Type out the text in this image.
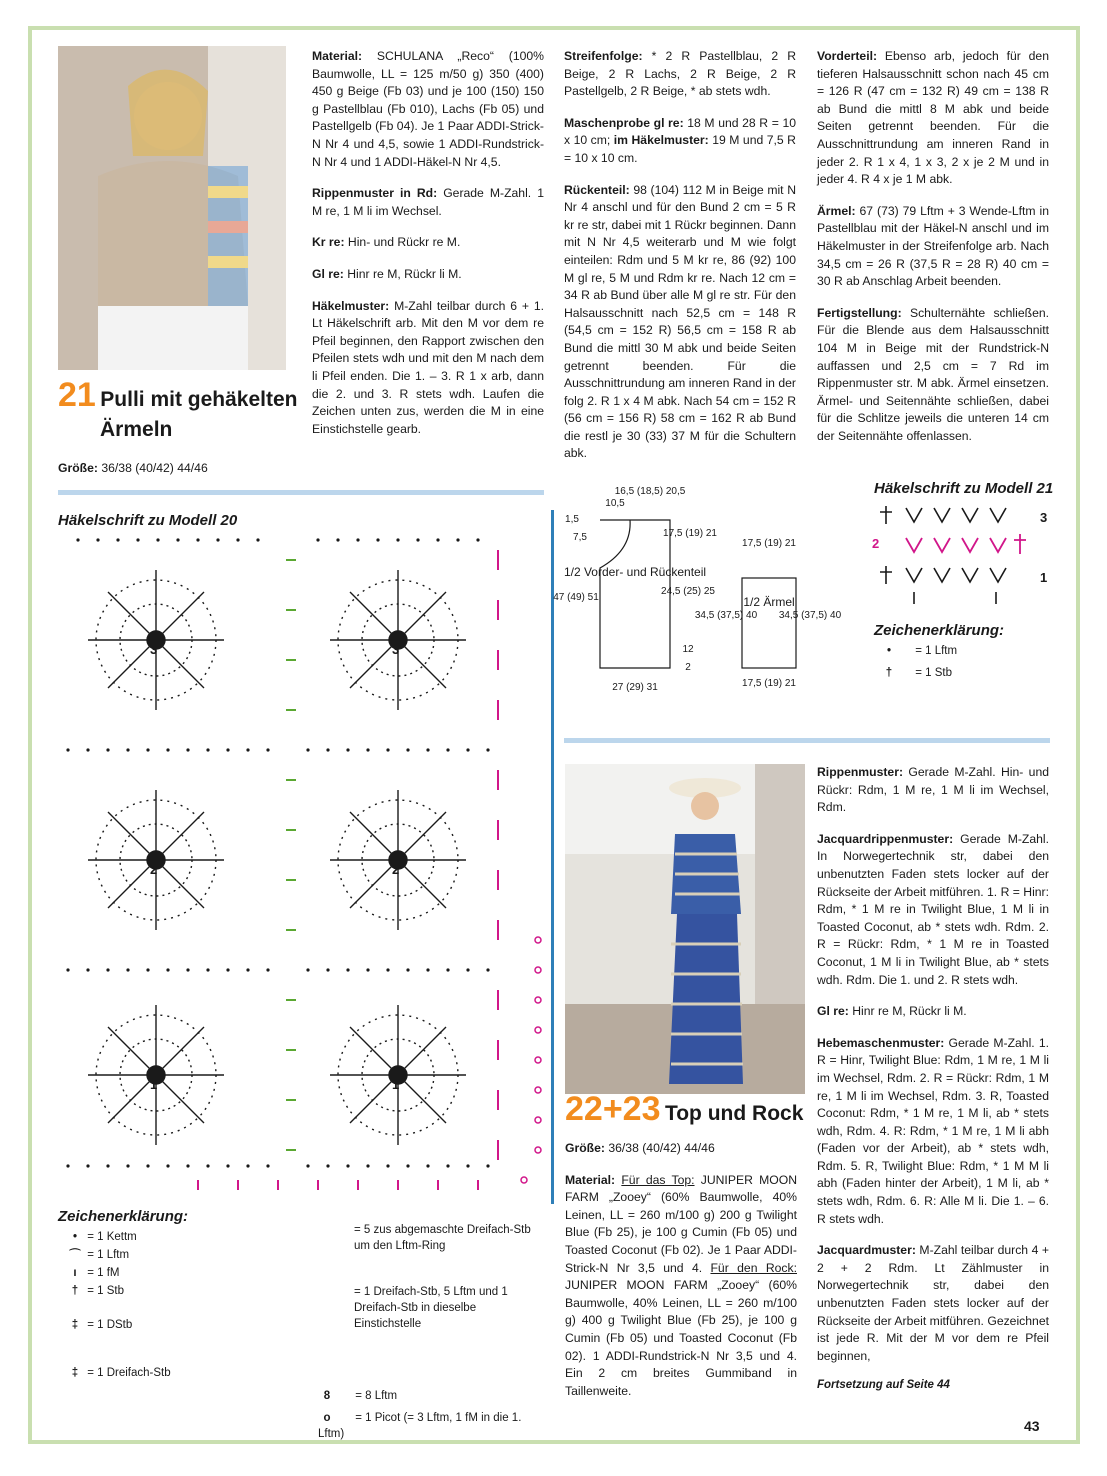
21 Pulli mit gehäkelten
Ärmeln
Größe: 36/38 (40/42) 44/46

Material: SCHULANA „Reco“ (100% Baumwolle, LL = 125 m/50 g) 350 (400) 450 g Beige (Fb 03) und je 100 (150) 150 g Pastellblau (Fb 010), Lachs (Fb 05) und Pastellgelb (Fb 04). Je 1 Paar ADDI-Strick-N Nr 4 und 4,5, sowie 1 ADDI-Rundstrick-N Nr 4 und 1 ADDI-Häkel-N Nr 4,5.

Rippenmuster in Rd: Gerade M-Zahl. 1 M re, 1 M li im Wechsel.

Kr re: Hin- und Rückr re M.

Gl re: Hinr re M, Rückr li M.

Häkelmuster: M-Zahl teilbar durch 6 + 1. Lt Häkelschrift arb. Mit den M vor dem re Pfeil beginnen, den Rapport zwischen den Pfeilen stets wdh und mit den M nach dem li Pfeil enden. Die 1. – 3. R 1 x arb, dann die 2. und 3. R stets wdh. Laufen die Zeichen unten zus, werden die M in eine Einstichstelle gearb.

Streifenfolge: * 2 R Pastellblau, 2 R Beige, 2 R Lachs, 2 R Beige, 2 R Pastellgelb, 2 R Beige, * ab stets wdh.

Maschenprobe gl re: 18 M und 28 R = 10 x 10 cm; im Häkelmuster: 19 M und 7,5 R = 10 x 10 cm.

Rückenteil: 98 (104) 112 M in Beige mit N Nr 4 anschl und für den Bund 2 cm = 5 R kr re str, dabei mit 1 Rückr beginnen. Dann mit N Nr 4,5 weiterarb und M wie folgt einteilen: Rdm und 5 M kr re, 86 (92) 100 M gl re, 5 M und Rdm kr re. Nach 12 cm = 34 R ab Bund über alle M gl re str. Für den Halsausschnitt nach 52,5 cm = 148 R (54,5 cm = 152 R) 56,5 cm = 158 R ab Bund die mittl 30 M abk und beide Seiten getrennt beenden. Für die Ausschnittrundung am inneren Rand in der folg 2. R 1 x 4 M abk. Nach 54 cm = 152 R (56 cm = 156 R) 58 cm = 162 R ab Bund die restl je 30 (33) 37 M für die Schultern abk.

Vorderteil: Ebenso arb, jedoch für den tieferen Halsausschnitt schon nach 45 cm = 126 R (47 cm = 132 R) 49 cm = 138 R ab Bund die mittl 8 M abk und beide Seiten getrennt beenden. Für die Ausschnittrundung am inneren Rand in jeder 2. R 1 x 4, 1 x 3, 2 x je 2 M und in jeder 4. R 4 x je 1 M abk.

Ärmel: 67 (73) 79 Lftm + 3 Wende-Lftm in Pastellblau mit der Häkel-N anschl und im Häkelmuster in der Streifenfolge arb. Nach 34,5 cm = 26 R (37,5 R = 28 R) 40 cm = 30 R ab Anschlag Arbeit beenden.

Fertigstellung: Schulternähte schließen. Für die Blende aus dem Halsausschnitt 104 M in Beige mit der Rundstrick-N auffassen und 2,5 cm = 7 Rd im Rippenmuster str. M abk. Ärmel einsetzen. Ärmel- und Seitennähte schließen, dabei für die Schlitze jeweils die unteren 14 cm der Seitennähte offenlassen.

Häkelschrift zu Modell 20
3	3
2	2
1	1
Zeichenerklärung:
• = 1 Kettm
⌒ = 1 Lftm
ı = 1 fM
† = 1 Stb
‡ = 1 DStb
‡ = 1 Dreifach-Stb
= 5 zus abgemaschte Dreifach-Stb um den Lftm-Ring
= 1 Dreifach-Stb, 5 Lftm und 1 Dreifach-Stb in dieselbe Einstichstelle
8 = 8 Lftm
o = 1 Picot (= 3 Lftm, 1 fM in die 1. Lftm)
1/2 Vorder- und Rückenteil
1/2 Ärmel
16,5 (18,5) 20,5
10,5
1,5
7,5	17,5 (19) 21
47 (49) 51
24,5 (25) 25
12
2
27 (29) 31
17,5 (19) 21
34,5 (37,5) 40 34,5 (37,5) 40
17,5 (19) 21
Häkelschrift zu Modell 21
3
2
1
Zeichenerklärung:
• = 1 Lftm
† = 1 Stb
22+23 Top und Rock

Größe: 36/38 (40/42) 44/46

Material: Für das Top: JUNIPER MOON FARM „Zooey“ (60% Baumwolle, 40% Leinen, LL = 260 m/100 g) 200 g Twilight Blue (Fb 25), je 100 g Cumin (Fb 05) und Toasted Coconut (Fb 02). Je 1 Paar ADDI-Strick-N Nr 3,5 und 4. Für den Rock: JUNIPER MOON FARM „Zooey“ (60% Baumwolle, 40% Leinen, LL = 260 m/100 g) 400 g Twilight Blue (Fb 25), je 100 g Cumin (Fb 05) und Toasted Coconut (Fb 02). 1 ADDI-Rundstrick-N Nr 3,5 und 4. Ein 2 cm breites Gummiband in Taillenweite.

Rippenmuster: Gerade M-Zahl. Hin- und Rückr: Rdm, 1 M re, 1 M li im Wechsel, Rdm.

Jacquardrippenmuster: Gerade M-Zahl. In Norwegertechnik str, dabei den unbenutzten Faden stets locker auf der Rückseite der Arbeit mitführen. 1. R = Hinr: Rdm, * 1 M re in Twilight Blue, 1 M li in Toasted Coconut, ab * stets wdh. Rdm. 2. R = Rückr: Rdm, * 1 M re in Toasted Coconut, 1 M li in Twilight Blue, ab * stets wdh. Rdm. Die 1. und 2. R stets wdh.

Gl re: Hinr re M, Rückr li M.

Hebemaschenmuster: Gerade M-Zahl. 1. R = Hinr, Twilight Blue: Rdm, 1 M re, 1 M li im Wechsel, Rdm. 2. R = Rückr: Rdm, 1 M re, 1 M li im Wechsel, Rdm. 3. R, Toasted Coconut: Rdm, * 1 M re, 1 M li, ab * stets wdh, Rdm. 4. R: Rdm, * 1 M re, 1 M li abh (Faden vor der Arbeit), ab * stets wdh, Rdm. 5. R, Twilight Blue: Rdm, * 1 M M li abh (Faden hinter der Arbeit), 1 M li, ab * stets wdh, Rdm. 6. R: Alle M li. Die 1. – 6. R stets wdh.

Jacquardmuster: M-Zahl teilbar durch 4 + 2 + 2 Rdm. Lt Zählmuster in Norwegertechnik str, dabei den unbenutzten Faden stets locker auf der Rückseite der Arbeit mitführen. Gezeichnet ist jede R. Mit der M vor dem re Pfeil beginnen,

Fortsetzung auf Seite 44

43
